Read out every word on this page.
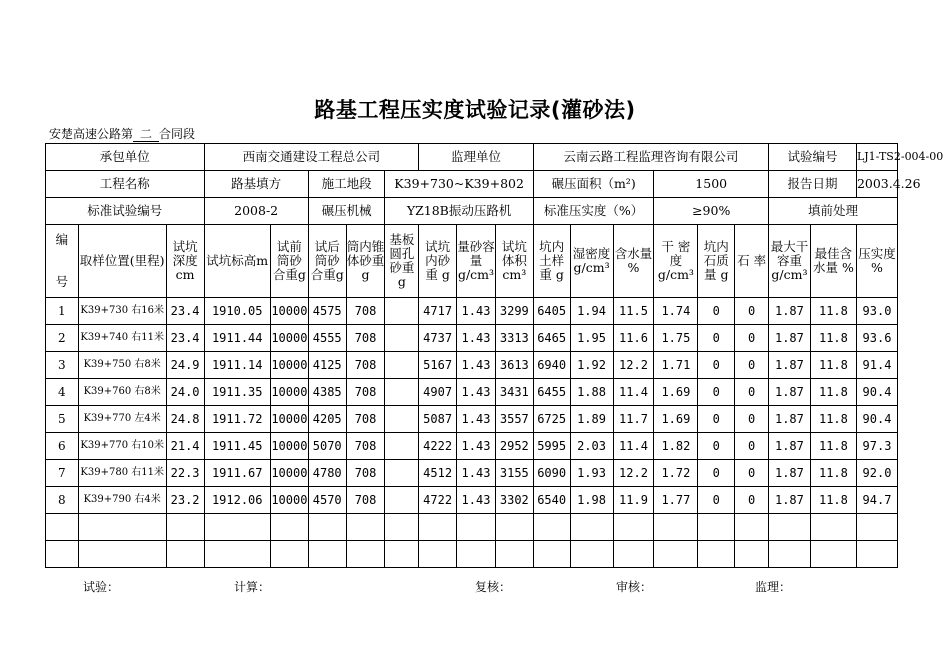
路基工程压实度试验记录(灌砂法)
安楚高速公路第 二 合同段
承包单位			西南交通建设工程总公司					监理单位			云南云路工程监理咨询有限公司						试验编号		LJ1-TS2-004-00
工程名称			路基填方		施工地段		K39+730~K39+802				碾压面积（m²)			1500			报告日期		2003.4.26
标准试验编号			2008-2		碾压机械		YZ18B振动压路机				标准压实度（%）			≥90%			填前处理		
编

号	取样位置(里程)	试坑深度cm	试坑标高m	试前筒砂合重g	试后筒砂合重g	筒内锥体砂重g	基板圆孔砂重g	试坑内砂重 g	量砂容量g/cm³	试坑体积cm³	坑内土样重 g	湿密度 g/cm³	含水量 %	干 密 度 g/cm³	坑内石质量 g	石 率	最大干容重g/cm³	最佳含水量 %	压实度 %
1	K39+730 右16米	23.4	1910.05	10000	4575	708		4717	1.43	3299	6405	1.94	11.5	1.74	0	0	1.87	11.8	93.0
2	K39+740 右11米	23.4	1911.44	10000	4555	708		4737	1.43	3313	6465	1.95	11.6	1.75	0	0	1.87	11.8	93.6
3	K39+750 右8米	24.9	1911.14	10000	4125	708		5167	1.43	3613	6940	1.92	12.2	1.71	0	0	1.87	11.8	91.4
4	K39+760 右8米	24.0	1911.35	10000	4385	708		4907	1.43	3431	6455	1.88	11.4	1.69	0	0	1.87	11.8	90.4
5	K39+770 左4米	24.8	1911.72	10000	4205	708		5087	1.43	3557	6725	1.89	11.7	1.69	0	0	1.87	11.8	90.4
6	K39+770 右10米	21.4	1911.45	10000	5070	708		4222	1.43	2952	5995	2.03	11.4	1.82	0	0	1.87	11.8	97.3
7	K39+780 右11米	22.3	1911.67	10000	4780	708		4512	1.43	3155	6090	1.93	12.2	1.72	0	0	1.87	11.8	92.0
8	K39+790 右4米	23.2	1912.06	10000	4570	708		4722	1.43	3302	6540	1.98	11.9	1.77	0	0	1.87	11.8	94.7

试验：	计算：	复核：	审核：	监理：
